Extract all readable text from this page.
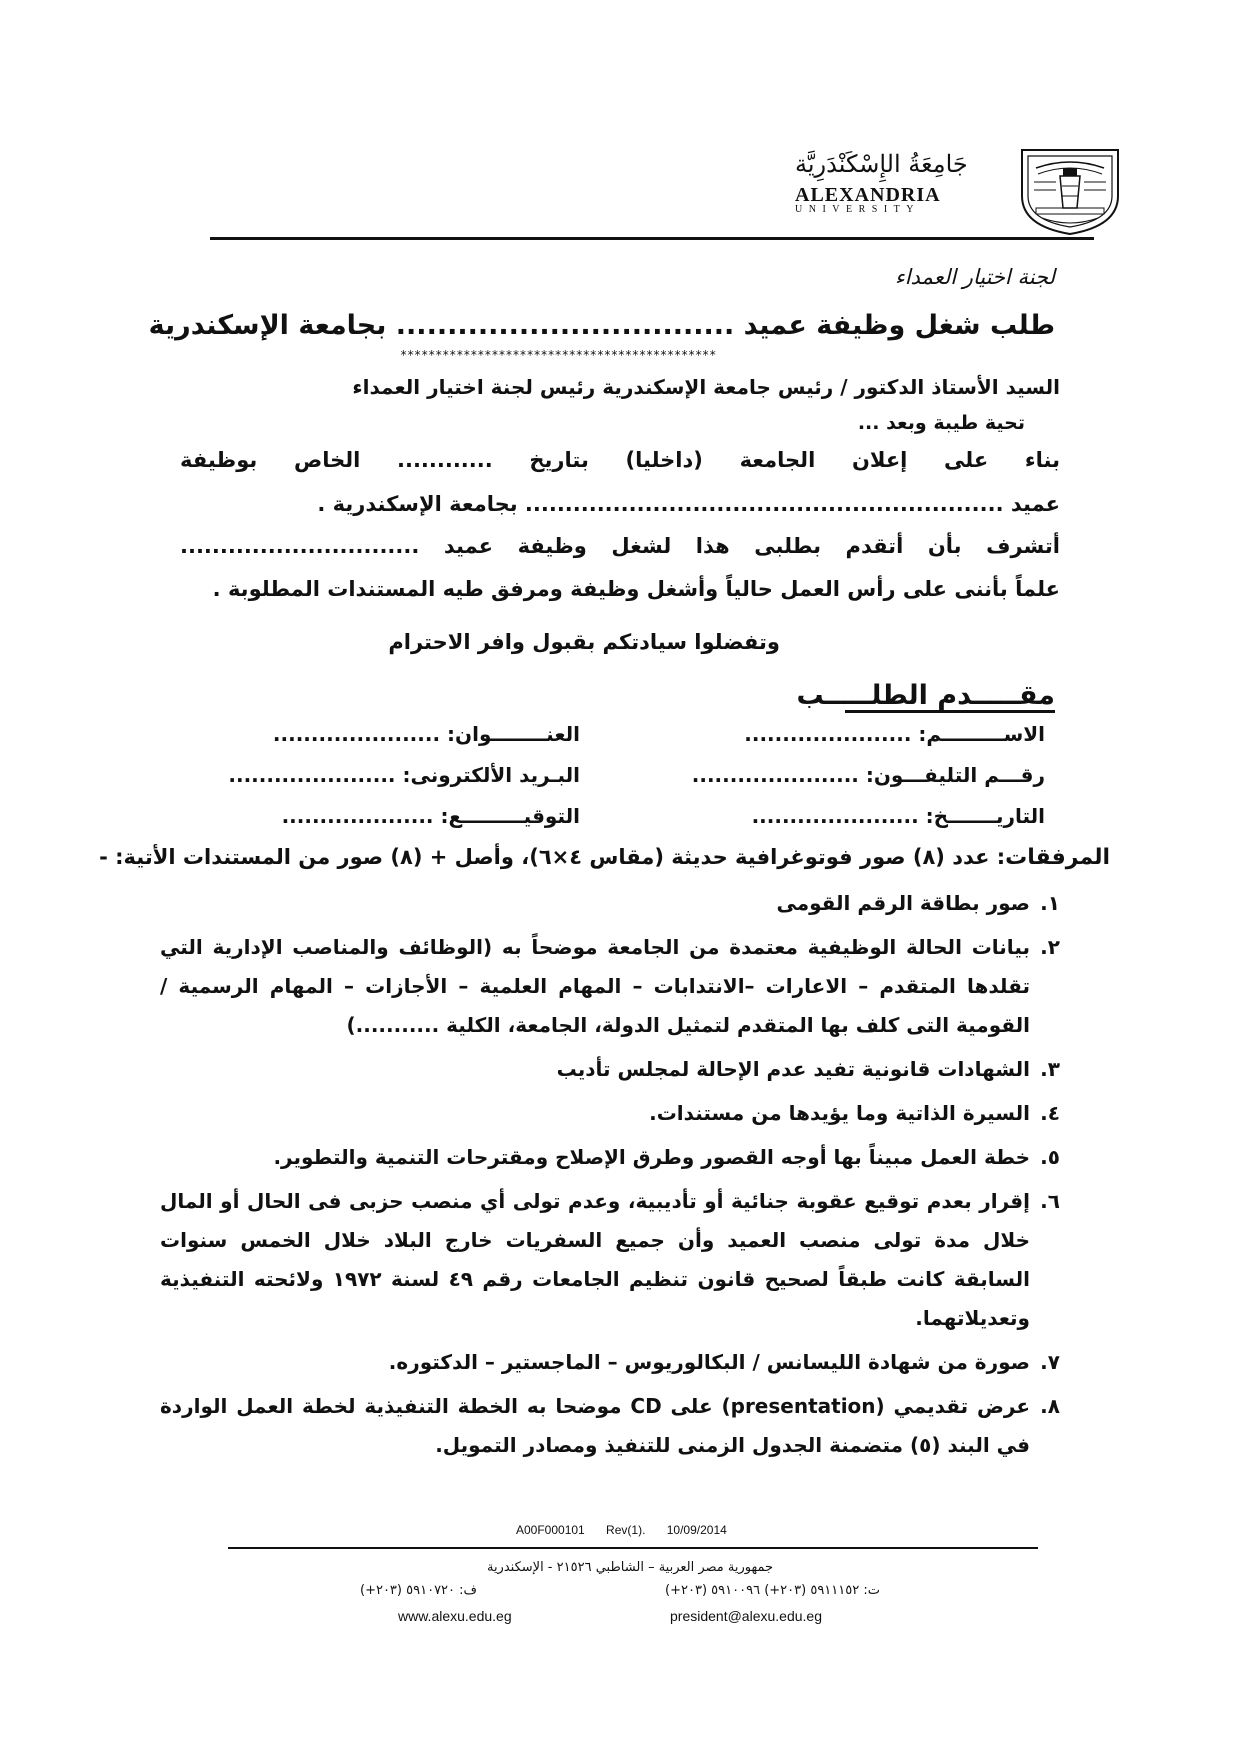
جَامِعَةُ الإِسْكَنْدَرِيَّة
ALEXANDRIA
UNIVERSITY
لجنة اختيار العمداء
طلب شغل وظيفة عميد ................................. بجامعة الإسكندرية
*********************************************
السيد الأستاذ الدكتور / رئيس جامعة الإسكندرية رئيس لجنة اختيار العمداء
تحية طيبة وبعد ...
بناء على إعلان الجامعة (داخليا) بتاريخ ............ الخاص بوظيفة
عميد ............................................................ بجامعة الإسكندرية .
أتشرف بأن أتقدم بطلبى هذا لشغل وظيفة عميد ..............................
علماً بأننى على رأس العمل حالياً وأشغل وظيفة ومرفق طيه المستندات المطلوبة .
وتفضلوا سيادتكم بقبول وافر الاحترام
مقـــــدم الطلـــــب
الاســـــــــم: ......................
العنــــــــوان: ......................
رقـــم التليفـــون: ......................
البـريد الألكترونى: ......................
التاريـــــــخ: ......................
التوقيـــــــــع: ....................
المرفقات: عدد (٨) صور فوتوغرافية حديثة (مقاس ٤×٦)، وأصل + (٨) صور من المستندات الأتية: -
١.
صور بطاقة الرقم القومى
٢.
بيانات الحالة الوظيفية معتمدة من الجامعة موضحاً به (الوظائف والمناصب الإدارية التي تقلدها المتقدم – الاعارات –الانتدابات – المهام العلمية – الأجازات – المهام الرسمية / القومية التى كلف بها المتقدم لتمثيل الدولة، الجامعة، الكلية ...........)
٣.
الشهادات قانونية تفيد عدم الإحالة لمجلس تأديب
٤.
السيرة الذاتية وما يؤيدها من مستندات.
٥.
خطة العمل مبيناً بها أوجه القصور وطرق الإصلاح ومقترحات التنمية والتطوير.
٦.
إقرار بعدم توقيع عقوبة جنائية أو تأديبية، وعدم تولى أي منصب حزبى فى الحال أو المال خلال مدة تولى منصب العميد وأن جميع السفريات خارج البلاد خلال الخمس سنوات السابقة كانت طبقاً لصحيح قانون تنظيم الجامعات رقم ٤٩ لسنة ١٩٧٢ ولائحته التنفيذية وتعديلاتهما.
٧.
صورة من شهادة الليسانس / البكالوريوس – الماجستير – الدكتوره.
٨.
عرض تقديمي (presentation) على CD موضحا به الخطة التنفيذية لخطة العمل الواردة في البند (٥) متضمنة الجدول الزمنى للتنفيذ ومصادر التمويل.
A00F000101 Rev(1). 10/09/2014
جمهورية مصر العربية – الشاطبي ٢١٥٢٦ - الإسكندرية
ت: ٥٩١١١٥٢ (٢٠٣+) ٥٩١٠٠٩٦ (٢٠٣+)
ف: ٥٩١٠٧٢٠ (٢٠٣+)
www.alexu.edu.eg	president@alexu.edu.eg
